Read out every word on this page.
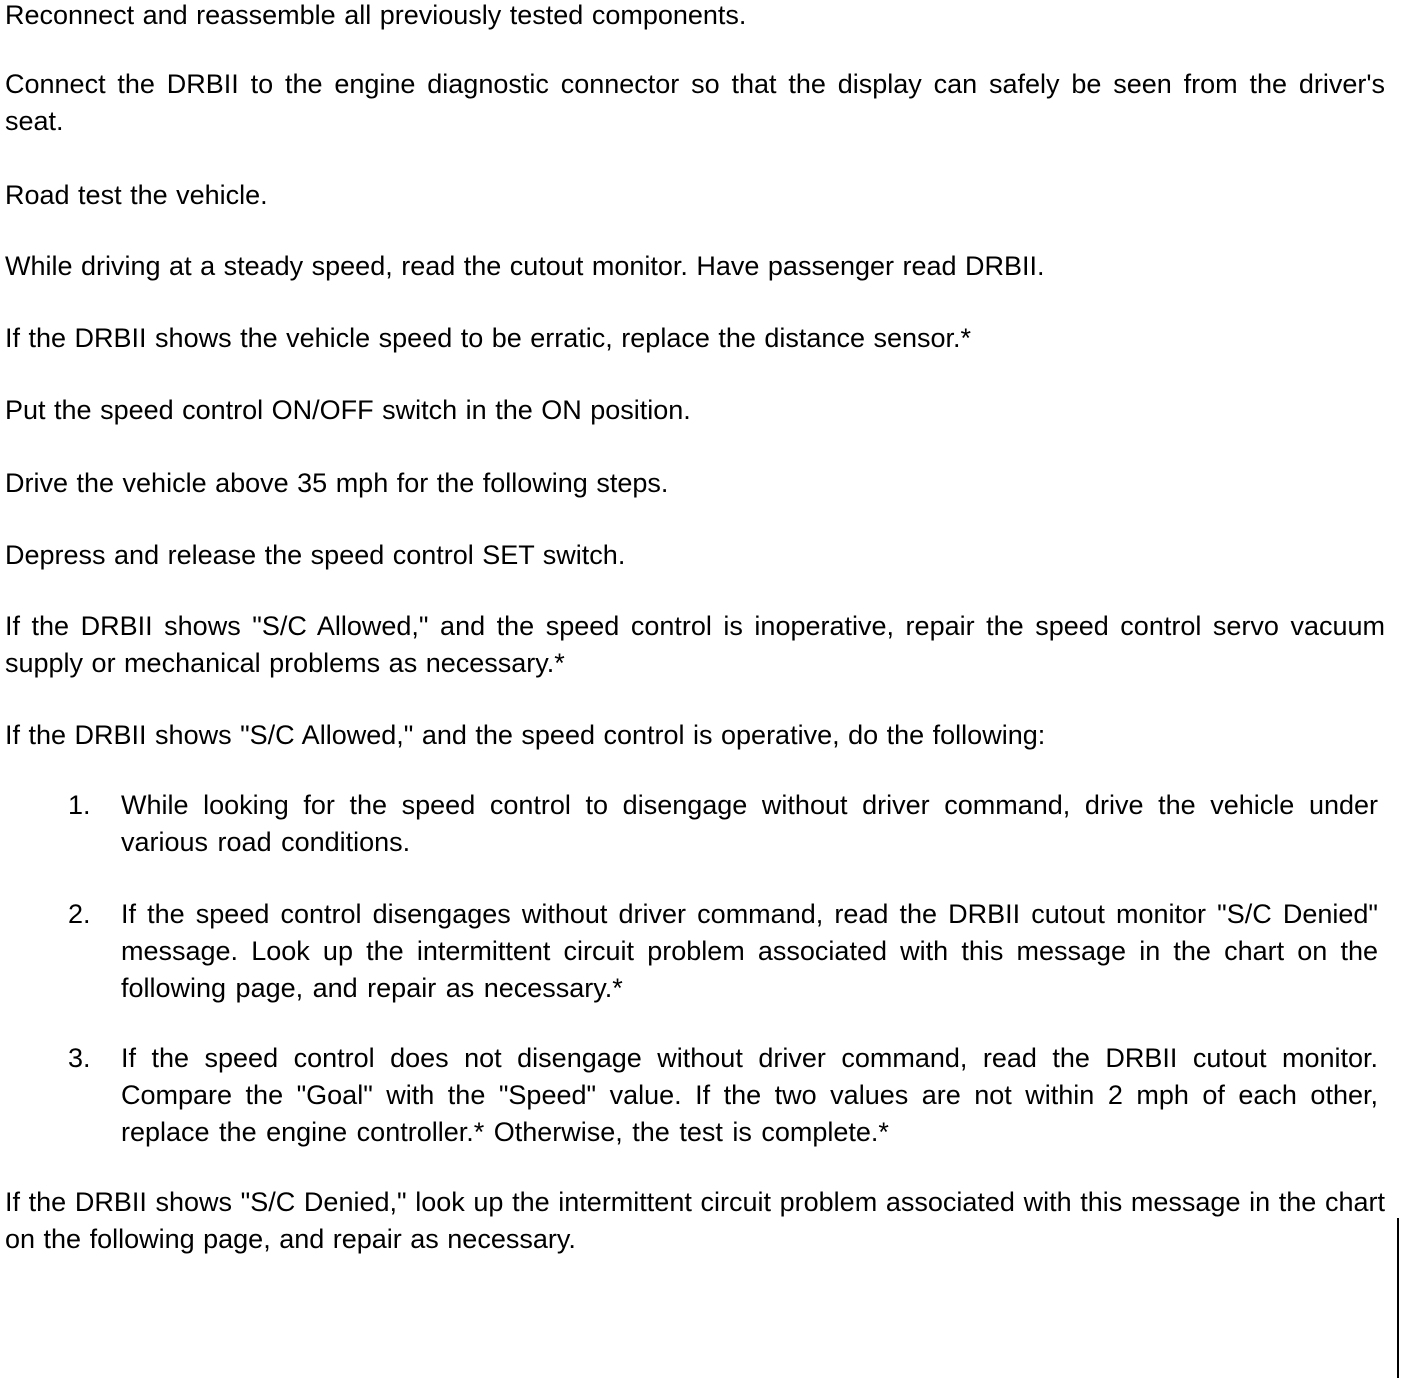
Reconnect and reassemble all previously tested components.

Connect the DRBII to the engine diagnostic connector so that the display can safely be seen from the driver's seat.

Road test the vehicle.

While driving at a steady speed, read the cutout monitor. Have passenger read DRBII.

If the DRBII shows the vehicle speed to be erratic, replace the distance sensor.*

Put the speed control ON/OFF switch in the ON position.

Drive the vehicle above 35 mph for the following steps.

Depress and release the speed control SET switch.

If the DRBII shows "S/C Allowed," and the speed control is inoperative, repair the speed control servo vacuum supply or mechanical problems as necessary.*

If the DRBII shows "S/C Allowed," and the speed control is operative, do the following:

1.	While looking for the speed control to disengage without driver command, drive the vehicle under various road conditions.
2.	If the speed control disengages without driver command, read the DRBII cutout monitor "S/C Denied" message. Look up the intermittent circuit problem associated with this message in the chart on the following page, and repair as necessary.*
3.	If the speed control does not disengage without driver command, read the DRBII cutout monitor. Compare the "Goal" with the "Speed" value. If the two values are not within 2 mph of each other, replace the engine controller.* Otherwise, the test is complete.*

If the DRBII shows "S/C Denied," look up the intermittent circuit problem associated with this message in the chart on the following page, and repair as necessary.
